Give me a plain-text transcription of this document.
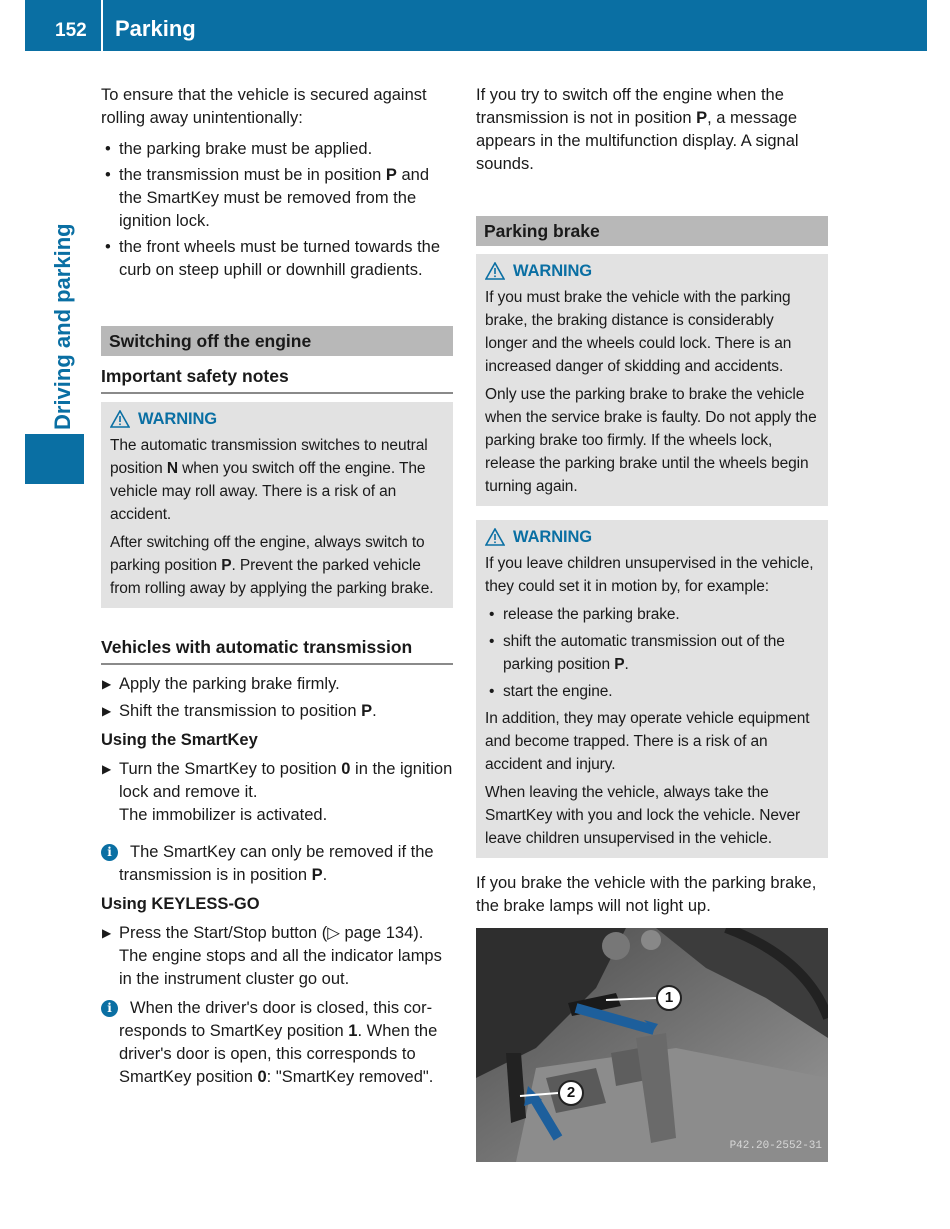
152 Parking
Driving and parking

To ensure that the vehicle is secured against rolling away unintentionally:

• the parking brake must be applied.
• the transmission must be in position P and the SmartKey must be removed from the ignition lock.
• the front wheels must be turned towards the curb on steep uphill or downhill gradients.
Switching off the engine
Important safety notes
WARNING

The automatic transmission switches to neutral position N when you switch off the engine. The vehicle may roll away. There is a risk of an accident.

After switching off the engine, always switch to parking position P. Prevent the parked vehicle from rolling away by applying the parking brake.

Vehicles with automatic transmission
▶ Apply the parking brake firmly.
▶ Shift the transmission to position P.
Using the SmartKey
▶ Turn the SmartKey to position 0 in the ignition lock and remove it.
The immobilizer is activated.
i	The SmartKey can only be removed if the transmission is in position P.
Using KEYLESS-GO
▶ Press the Start/Stop button (▷ page 134). The engine stops and all the indicator lamps in the instrument cluster go out.
i	When the driver's door is closed, this corresponds to SmartKey position 1. When the driver's door is open, this corresponds to SmartKey position 0: "SmartKey removed".

If you try to switch off the engine when the transmission is not in position P, a message appears in the multifunction display. A signal sounds.

Parking brake
WARNING

If you must brake the vehicle with the parking brake, the braking distance is considerably longer and the wheels could lock. There is an increased danger of skidding and accidents.

Only use the parking brake to brake the vehicle when the service brake is faulty. Do not apply the parking brake too firmly. If the wheels lock, release the parking brake until the wheels begin turning again.

WARNING

If you leave children unsupervised in the vehicle, they could set it in motion by, for example:

• release the parking brake.
• shift the automatic transmission out of the parking position P.
• start the engine.

In addition, they may operate vehicle equipment and become trapped. There is a risk of an accident and injury.

When leaving the vehicle, always take the SmartKey with you and lock the vehicle. Never leave children unsupervised in the vehicle.

If you brake the vehicle with the parking brake, the brake lamps will not light up.

1
2
P42.20-2552-31
